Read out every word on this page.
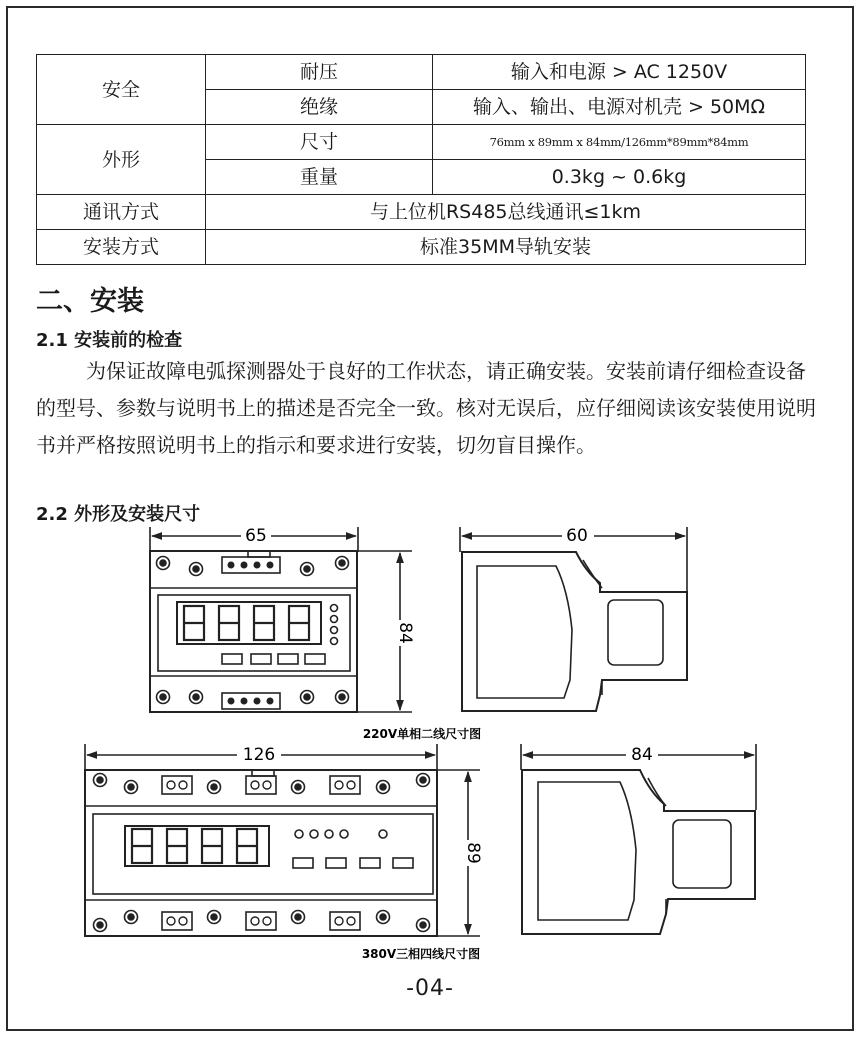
安全	耐压	输入和电源 > AC 1250V
	绝缘	输入、输出、电源对机壳 > 50MΩ
外形	尺寸	76mm x 89mm x 84mm/126mm*89mm*84mm
	重量	0.3kg ~ 0.6kg
通讯方式	与上位机RS485总线通讯≤1km	
安装方式	标准35MM导轨安装	
二、安装
2.1 安装前的检查
为保证故障电弧探测器处于良好的工作状态，请正确安装。安装前请仔细检查设备的型号、参数与说明书上的描述是否完全一致。核对无误后，应仔细阅读该安装使用说明书并严格按照说明书上的指示和要求进行安装，切勿盲目操作。
2.2 外形及安装尺寸
65
84
60
220V单相二线尺寸图
126
89
84
380V三相四线尺寸图
-04-
